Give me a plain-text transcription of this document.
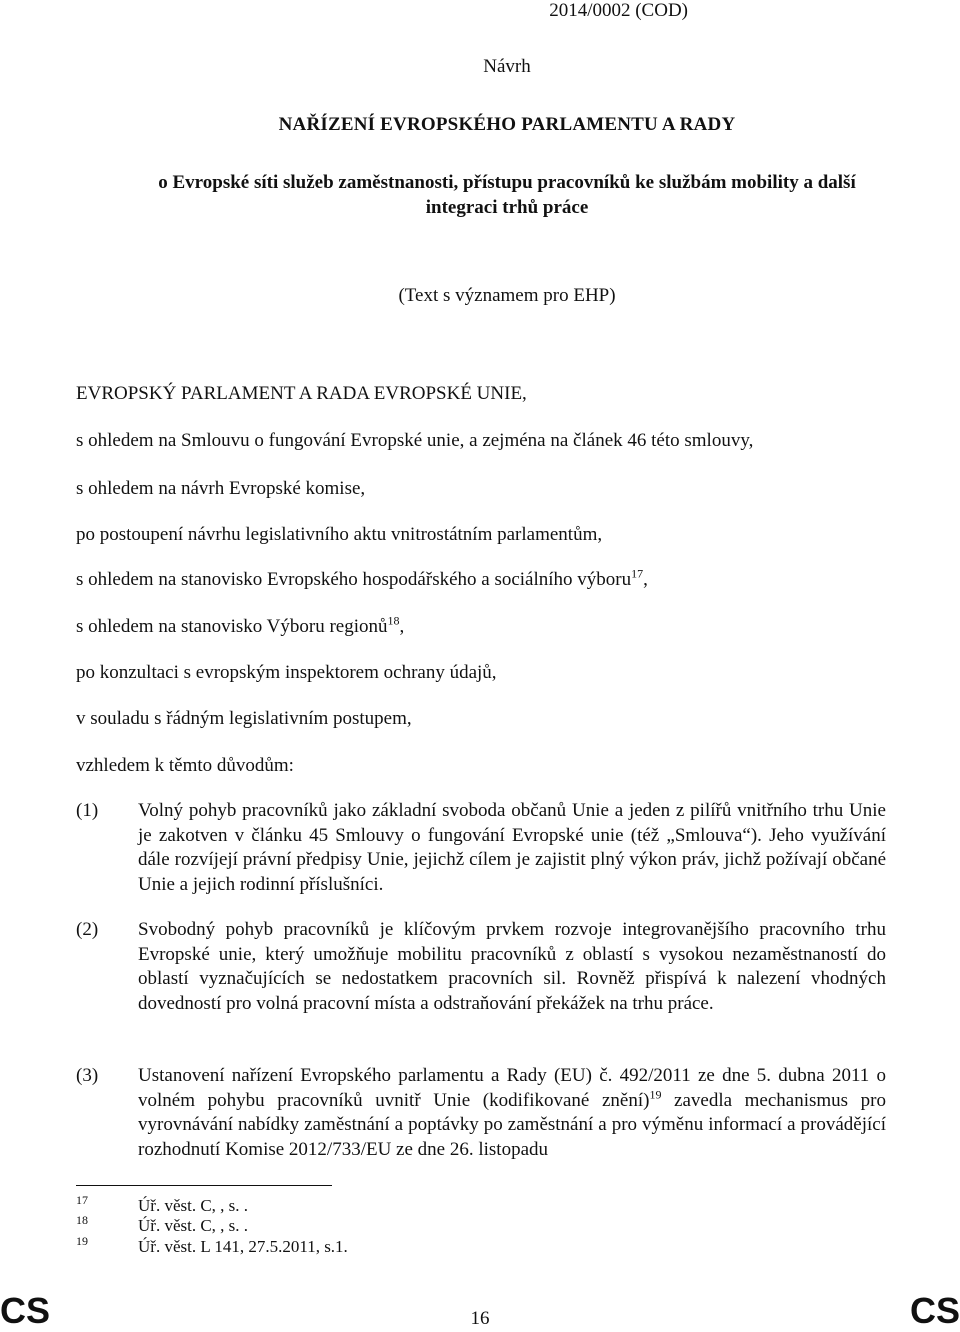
2014/0002 (COD)
Návrh
NAŘÍZENÍ EVROPSKÉHO PARLAMENTU A RADY
o Evropské síti služeb zaměstnanosti, přístupu pracovníků ke službám mobility a další
integraci trhů práce
(Text s významem pro EHP)
EVROPSKÝ PARLAMENT A RADA EVROPSKÉ UNIE,
s ohledem na Smlouvu o fungování Evropské unie, a zejména na článek 46 této smlouvy,
s ohledem na návrh Evropské komise,
po postoupení návrhu legislativního aktu vnitrostátním parlamentům,
s ohledem na stanovisko Evropského hospodářského a sociálního výboru$^{17}$,
s ohledem na stanovisko Výboru regionů$^{18}$,
po konzultaci s evropským inspektorem ochrany údajů,
v souladu s řádným legislativním postupem,
vzhledem k těmto důvodům:
(1) Volný pohyb pracovníků jako základní svoboda občanů Unie a jeden z pilířů vnitřního trhu Unie je zakotven v článku 45 Smlouvy o fungování Evropské unie (též „Smlouva“). Jeho využívání dále rozvíjejí právní předpisy Unie, jejichž cílem je zajistit plný výkon práv, jichž požívají občané Unie a jejich rodinní příslušníci.
(2) Svobodný pohyb pracovníků je klíčovým prvkem rozvoje integrovanějšího pracovního trhu Evropské unie, který umožňuje mobilitu pracovníků z oblastí s vysokou nezaměstnaností do oblastí vyznačujících se nedostatkem pracovních sil. Rovněž přispívá k nalezení vhodných dovedností pro volná pracovní místa a odstraňování překážek na trhu práce.
(3) Ustanovení nařízení Evropského parlamentu a Rady (EU) č. 492/2011 ze dne 5. dubna 2011 o volném pohybu pracovníků uvnitř Unie (kodifikované znění)$^{19}$ zavedla mechanismus pro vyrovnávání nabídky zaměstnání a poptávky po zaměstnání a pro výměnu informací a provádějící rozhodnutí Komise 2012/733/EU ze dne 26. listopadu
17	Úř. věst. C, , s. .
18	Úř. věst. C, , s. .
19	Úř. věst. L 141, 27.5.2011, s.1.
CS	16	CS
